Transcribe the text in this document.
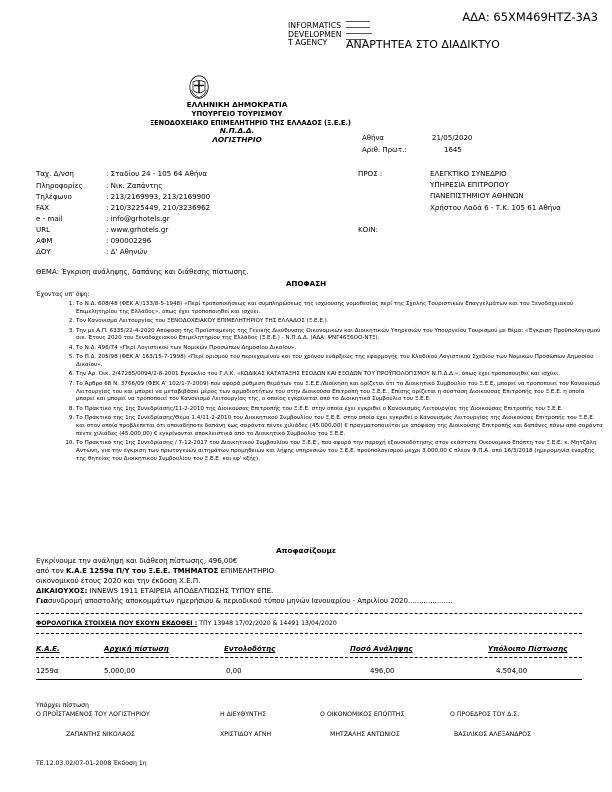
ΑΔΑ: 65ΧΜ469ΗΤΖ-3Α3
INFORMATICS
DEVELOPMEN
T AGENCY	ΑΝΑΡΤΗΤΕΑ ΣΤΟ ΔΙΑΔΙΚΤΥΟ
ΕΛΛΗΝΙΚΗ ΔΗΜΟΚΡΑΤΙΑ
ΥΠΟΥΡΓΕΙΟ ΤΟΥΡΙΣΜΟΥ
ΞΕΝΟΔΟΧΕΙΑΚΟ ΕΠΙΜΕΛΗΤΗΡΙΟ ΤΗΣ ΕΛΛΑΔΟΣ (Ξ.Ε.Ε.)
Ν.Π.Δ.Δ.
ΛΟΓΙΣΤΗΡΙΟ	Αθήνα	21/05/2020
Αριθ. Πρωτ.:	1645
Ταχ. Δ/νση	: Σταδίου 24 - 105 64 Αθήνα
Πληροφορίες	: Νικ. Ζαπάντης
Τηλέφωνο	: 213/2169993, 213/2169900
FAX	: 210/3225449, 210/3236962
e - mail	: info@grhotels.gr
URL	: www.grhotels.gr
ΑΦΜ	: 090002296
ΔΟΥ	: Δ' Αθηνών
ΠΡΟΣ :	ΕΛΕΓΚΤΙΚΟ ΣΥΝΕΔΡΙΟ
ΥΠΗΡΕΣΙΑ ΕΠΙΤΡΟΠΟΥ
ΠΑΝΕΠΙΣΤΗΜΙΟΥ ΑΘΗΝΩΝ
Χρήστου Λαδά 6 - Τ.Κ. 105 61 Αθήνα
ΚΟΙΝ:
ΘΕΜΑ: Έγκριση ανάληψης, δαπάνης και διάθεσης πίστωσης.
ΑΠΟΦΑΣΗ
Έχοντας υπ' όψη:
1. Το Ν.Δ. 608/48 (ΦΕΚ Α'/133/8-5-1948) «Περί τροποποιήσεως και συμπληρώσεως της ισχύουσης νομοθεσίας περί της Σχολής Τουριστικών Επαγγελμάτων και του Ξενοδοχειακού Επιμελητηρίου της Ελλάδος», όπως έχει τροποποιηθεί και ισχύει.
2. Τον Κανονισμό Λειτουργίας του ΞΕΝΟΔΟΧΕΙΑΚΟΥ ΕΠΙΜΕΛΗΤΗΡΙΟΥ ΤΗΣ ΕΛΛΑΔΟΣ (Ξ.Ε.Ε.).
3. Την με Α.Π. 6335/22-4-2020 Απόφαση της Προϊσταμένης της Γενικής Διεύθυνσης Οικονομικών και Διοικητικών Υπηρεσιών του Υπουργείου Τουρισμού με θέμα: «Έγκριση Προϋπολογισμού οικ. Έτους 2020 του Ξενοδοχειακού Επιμελητηρίου της Ελλάδος (Ξ.Ε.Ε.) - Ν.Π.Δ.Δ. (ΑΔΑ: ΨΝΓ46Ξ6ΟΟ-ΝΤΞ).
4. Το Ν.Δ. 496/74 «Περί Λογιστικού των Νομικών Προσώπων Δημοσίου Δικαίου».
5. Το Π.Δ. 205/98 (ΦΕΚ Α' 163/15-7-1998) «Περί ορισμού του περιεχομένου και του χρόνου ενάρξεως της εφαρμογής του Κλαδικού Λογιστικού Σχεδίου των Νομικών Προσώπων Δημοσίου Δικαίου».
6. Την Αρ. Οικ. 2/47285/0094/2-8-2001 Εγκύκλιο του Γ.Λ.Κ. «ΚΩΔΙΚΑΣ ΚΑΤΑΤΑΞΗΣ ΕΣΟΔΩΝ ΚΑΙ ΕΞΟΔΩΝ ΤΟΥ ΠΡΟΫΠΟΛΟΓΙΣΜΟΥ Ν.Π.Δ.Δ.», όπως έχει τροποποιηθεί και ισχύει.
7. Το Άρθρο 68 Ν. 3766/09 (ΦΕΚ Α' 102/1-7-2009) που αφορά ρύθμιση θεμάτων του Ξ.Ε.Ε./Διοίκηση και ορίζεται ότι το Διοικητικό Συμβούλιο του Ξ.Ε.Ε. μπορεί να τροποποιεί τον Κανονισμό Λειτουργίας του και μπορεί να μεταβιβάσει μέρος των αρμοδιοτήτων του στην Διοικούσα Επιτροπή του Ξ.Ε.Ε.. Επίσης ορίζεται η σύσταση Διοικούσας Επιτροπής του Ξ.Ε.Ε. η οποία μπορεί και μπορεί να τροποποιεί τον Κανονισμό Λειτουργίας της, ο οποίος εγκρίνεται από το Διοικητικό Συμβούλιο του Ξ.Ε.Ε.
8. Το Πρακτικό της 1ης Συνεδρίασης/11-2-2010 της Διοικούσας Επιτροπής του Ξ.Ε.Ε. στην οποία έχει εγκριθεί ο Κανονισμός Λειτουργίας της Διοικούσας Επιτροπής του Ξ.Ε.Ε.
9. Το Πρακτικό της 1ης Συνεδρίασης/Θέμα 1.4/11-2-2010 του Διοικητικού Συμβουλίου του Ξ.Ε.Ε. στην οποία έχει εγκριθεί ο Κανονισμός Λειτουργίας της Διοικούσας Επιτροπής του Ξ.Ε.Ε. και στον οποίο προβλέπεται ότι οποιαδήποτε δαπάνη έως σαράντα πέντε χιλιάδες (45.000,00) € πραγματοποιείται με απόφαση της Διοικούσης Επιτροπής και δαπάνες πάνω από σαράντα πέντε χιλιάδες (45.000,00) € εγκρίνονται αποκλειστικά από το Διοικητικό Συμβούλιο του Ξ.Ε.Ε.
10. Το Πρακτικό της 1ης Συνεδρίασης / 7-12-2017 του Διοικητικού Συμβουλίου του Ξ.Ε.Ε., που αφορά την παροχή εξουσιοδότησης στον εκάστοτε Οικονομικό Επόπτη του Ξ.Ε.Ε. κ. Μητζάλη Αντώνη, για την έγκριση των πρωτογενών αιτημάτων προμηθειών και λήψης υπηρεσιών του Ξ.Ε.Ε. προϋπολογισμού μέχρι 3.000,00 € πλέον Φ.Π.Α. από 16/3/2018 (ημερομηνία έναρξης της θητείας του Διοικητικού Συμβουλίου του Ξ.Ε.Ε. και εφ' εξής).
Αποφασίζουμε
Εγκρίνουμε την ανάληψη και διάθεση πίστωσης, 496,00€
από τον Κ.Α.Ε 1259α Π/Υ του Ξ.Ε.Ε. ΤΜΗΜΑΤΟΣ ΕΠΙΜΕΛΗΤΗΡΙΟ
οικονομικού έτους 2020 και την έκδοση Χ.Ε.Π.
ΔΙΚΑΙΟΥΧΟΣ: INNEWS 1911 ΕΤΑΙΡΕΙΑ ΑΠΟΔΕΛΤΙΩΣΗΣ ΤΥΠΟΥ ΕΠΕ.
Γιασυνδρομή αποστολής αποκομμάτων ημερήσιου & περιοδικού τύπου μηνών Ιανουαρίου - Απριλίου 2020....................
ΦΟΡΟΛΟΓΙΚΑ ΣΤΟΙΧΕΙΑ ΠΟΥ ΕΧΟΥΝ ΕΚΔΟΘΕΙ : ΤΠΥ 13948 17/02/2020 & 14491 13/04/2020
Κ.Α.Ε.	Αρχική πίστωση	Εντολοδότης	Ποσό Ανάληψης	Υπόλοιπο Πίστωσης
1259α	5.000,00	0,00	496,00	4.504,00
Υπάρχει πίστωση
Ο ΠΡΟΪΣΤΑΜΕΝΟΣ ΤΟΥ ΛΟΓΙΣΤΗΡΙΟΥ	Η ΔΙΕΥΘΥΝΤΗΣ	Ο ΟΙΚΟΝΟΜΙΚΟΣ ΕΠΟΠΤΗΣ	Ο ΠΡΟΕΔΡΟΣ ΤΟΥ Δ.Σ.
ΖΑΠΑΝΤΗΣ ΝΙΚΟΛΑΟΣ	ΧΡΙΣΤΙΔΟΥ ΑΓΝΗ	ΜΗΤΖΑΛΗΣ ΑΝΤΩΝΙΟΣ	ΒΑΣΙΛΙΚΟΣ ΑΛΕΞΑΝΔΡΟΣ
ΤΕ.12.03.02/07-01-2008 Έκδοση 1η
